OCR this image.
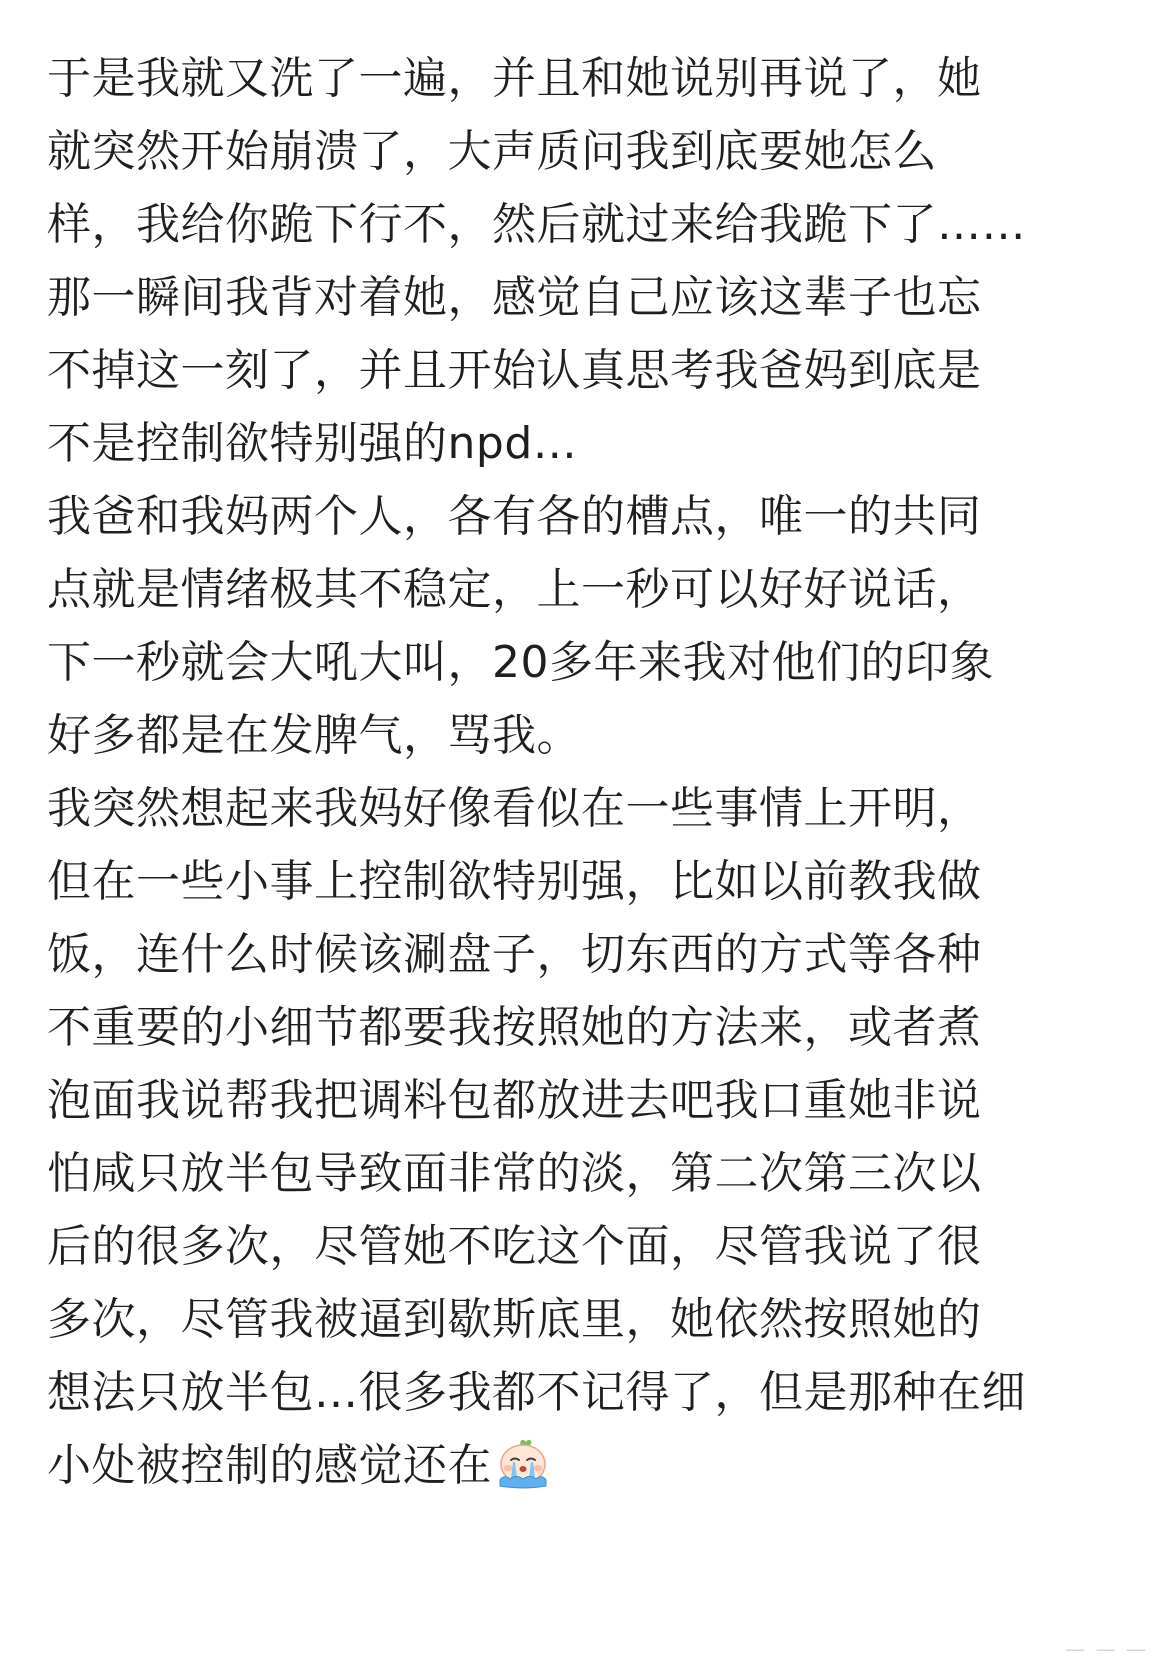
于是我就又洗了一遍，并且和她说别再说了，她
就突然开始崩溃了，大声质问我到底要她怎么
样，我给你跪下行不，然后就过来给我跪下了……
那一瞬间我背对着她，感觉自己应该这辈子也忘
不掉这一刻了，并且开始认真思考我爸妈到底是
不是控制欲特别强的npd…
我爸和我妈两个人，各有各的槽点，唯一的共同
点就是情绪极其不稳定，上一秒可以好好说话，
下一秒就会大吼大叫，20多年来我对他们的印象
好多都是在发脾气，骂我。
我突然想起来我妈好像看似在一些事情上开明，
但在一些小事上控制欲特别强，比如以前教我做
饭，连什么时候该涮盘子，切东西的方式等各种
不重要的小细节都要我按照她的方法来，或者煮
泡面我说帮我把调料包都放进去吧我口重她非说
怕咸只放半包导致面非常的淡，第二次第三次以
后的很多次，尽管她不吃这个面，尽管我说了很
多次，尽管我被逼到歇斯底里，她依然按照她的
想法只放半包…很多我都不记得了，但是那种在细
小处被控制的感觉还在
— — —
